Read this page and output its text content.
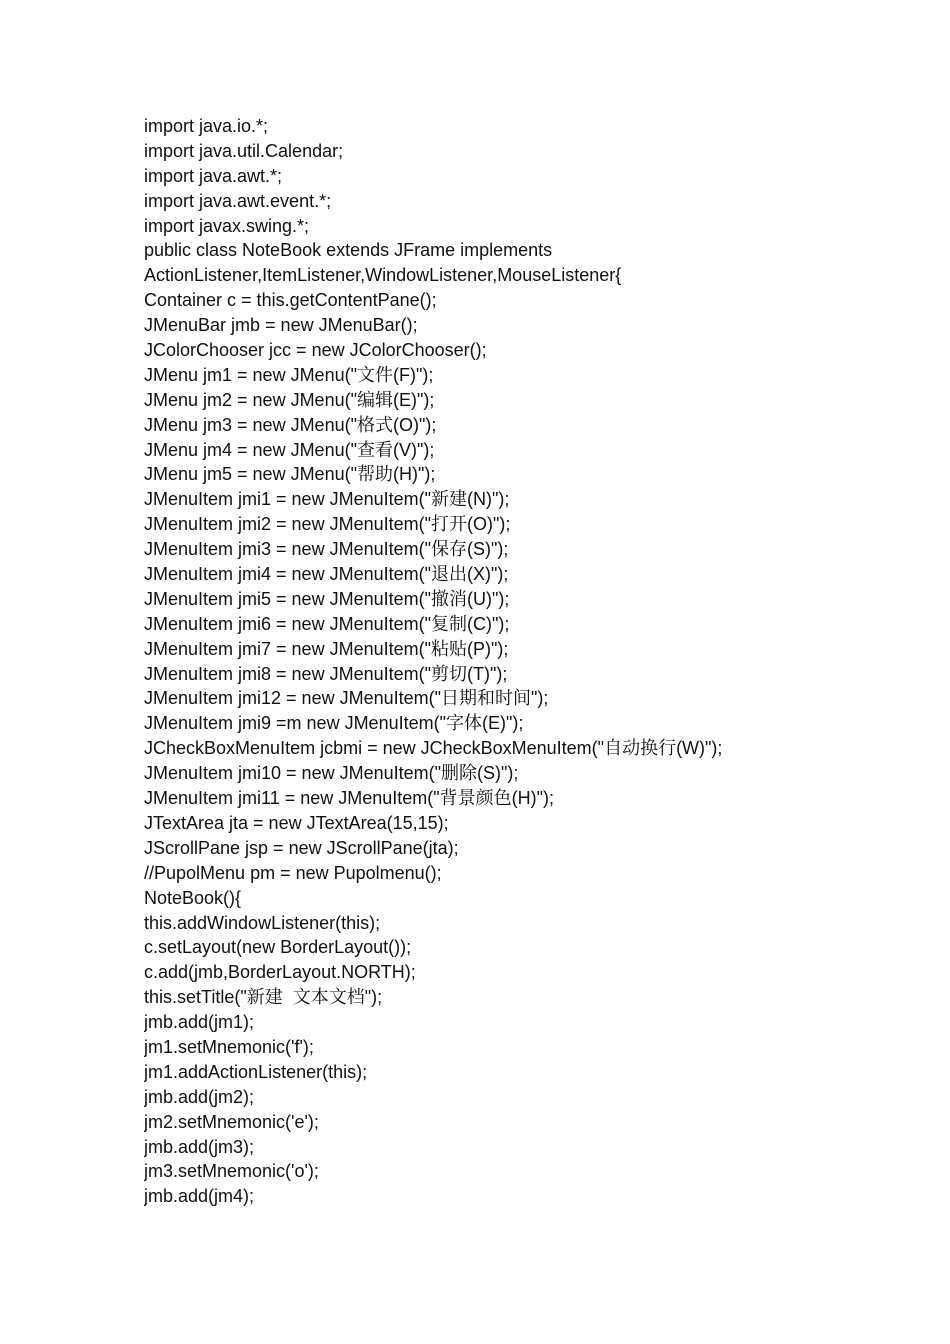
import java.io.*;
import java.util.Calendar;
import java.awt.*;
import java.awt.event.*;
import javax.swing.*;
public class NoteBook extends JFrame implements
ActionListener,ItemListener,WindowListener,MouseListener{
Container c = this.getContentPane();
JMenuBar jmb = new JMenuBar();
JColorChooser jcc = new JColorChooser();
JMenu jm1 = new JMenu("文件(F)");
JMenu jm2 = new JMenu("编辑(E)");
JMenu jm3 = new JMenu("格式(O)");
JMenu jm4 = new JMenu("查看(V)");
JMenu jm5 = new JMenu("帮助(H)");
JMenuItem jmi1 = new JMenuItem("新建(N)");
JMenuItem jmi2 = new JMenuItem("打开(O)");
JMenuItem jmi3 = new JMenuItem("保存(S)");
JMenuItem jmi4 = new JMenuItem("退出(X)");
JMenuItem jmi5 = new JMenuItem("撤消(U)");
JMenuItem jmi6 = new JMenuItem("复制(C)");
JMenuItem jmi7 = new JMenuItem("粘贴(P)");
JMenuItem jmi8 = new JMenuItem("剪切(T)");
JMenuItem jmi12 = new JMenuItem("日期和时间");
JMenuItem jmi9 =m new JMenuItem("字体(E)");
JCheckBoxMenuItem jcbmi = new JCheckBoxMenuItem("自动换行(W)");
JMenuItem jmi10 = new JMenuItem("删除(S)");
JMenuItem jmi11 = new JMenuItem("背景颜色(H)");
JTextArea jta = new JTextArea(15,15);
JScrollPane jsp = new JScrollPane(jta);
//PupolMenu pm = new Pupolmenu();
NoteBook(){
this.addWindowListener(this);
c.setLayout(new BorderLayout());
c.add(jmb,BorderLayout.NORTH);
this.setTitle("新建  文本文档");
jmb.add(jm1);
jm1.setMnemonic('f');
jm1.addActionListener(this);
jmb.add(jm2);
jm2.setMnemonic('e');
jmb.add(jm3);
jm3.setMnemonic('o');
jmb.add(jm4);
